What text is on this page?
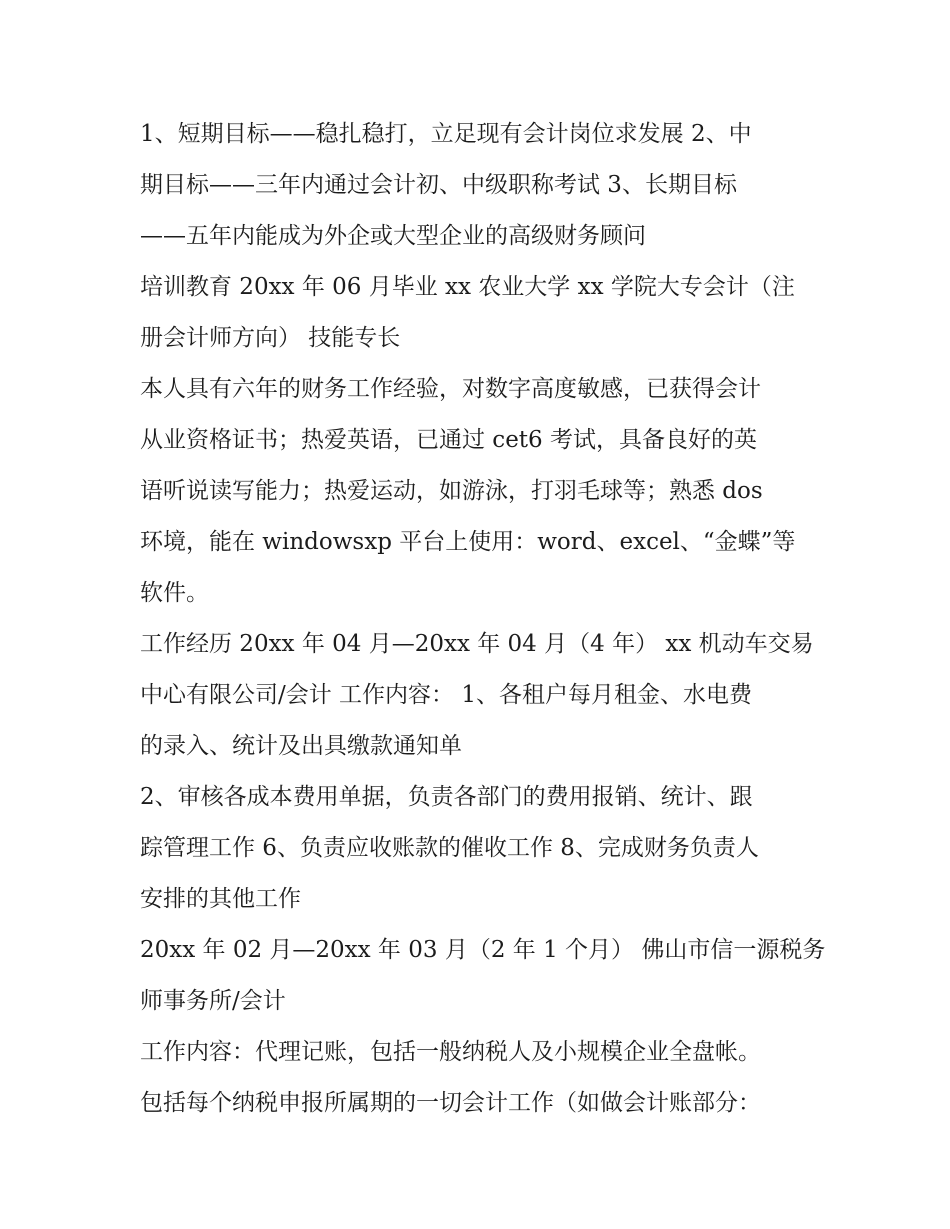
1、短期目标——稳扎稳打，立足现有会计岗位求发展 2、中
期目标——三年内通过会计初、中级职称考试 3、长期目标
——五年内能成为外企或大型企业的高级财务顾问
培训教育 20xx 年 06 月毕业 xx 农业大学 xx 学院大专会计（注
册会计师方向） 技能专长
本人具有六年的财务工作经验，对数字高度敏感，已获得会计
从业资格证书；热爱英语，已通过 cet6 考试，具备良好的英
语听说读写能力；热爱运动，如游泳，打羽毛球等；熟悉 dos
环境，能在 windowsxp 平台上使用：word、excel、“金蝶”等
软件。
工作经历 20xx 年 04 月—20xx 年 04 月（4 年） xx 机动车交易
中心有限公司/会计 工作内容： 1、各租户每月租金、水电费
的录入、统计及出具缴款通知单
2、审核各成本费用单据，负责各部门的费用报销、统计、跟
踪管理工作 6、负责应收账款的催收工作 8、完成财务负责人
安排的其他工作
20xx 年 02 月—20xx 年 03 月（2 年 1 个月） 佛山市信一源税务
师事务所/会计
工作内容：代理记账，包括一般纳税人及小规模企业全盘帐。
包括每个纳税申报所属期的一切会计工作（如做会计账部分：
